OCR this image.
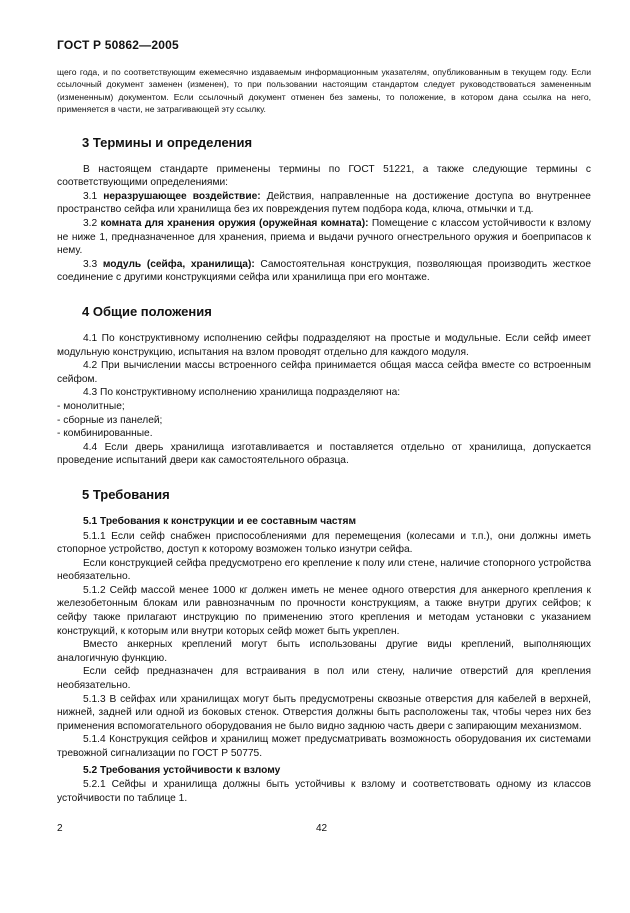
ГОСТ Р 50862—2005

щего года, и по соответствующим ежемесячно издаваемым информационным указателям, опубликованным в текущем году. Если ссылочный документ заменен (изменен), то при пользовании настоящим стандартом следует руководствоваться замененным (измененным) документом. Если ссылочный документ отменен без замены, то положение, в котором дана ссылка на него, применяется в части, не затрагивающей эту ссылку.

3 Термины и определения

В настоящем стандарте применены термины по ГОСТ 51221, а также следующие термины с соответствующими определениями:

3.1 неразрушающее воздействие: Действия, направленные на достижение доступа во внутреннее пространство сейфа или хранилища без их повреждения путем подбора кода, ключа, отмычки и т.д.

3.2 комната для хранения оружия (оружейная комната): Помещение с классом устойчивости к взлому не ниже 1, предназначенное для хранения, приема и выдачи ручного огнестрельного оружия и боеприпасов к нему.

3.3 модуль (сейфа, хранилища): Самостоятельная конструкция, позволяющая производить жесткое соединение с другими конструкциями сейфа или хранилища при его монтаже.

4 Общие положения

4.1 По конструктивному исполнению сейфы подразделяют на простые и модульные. Если сейф имеет модульную конструкцию, испытания на взлом проводят отдельно для каждого модуля.

4.2 При вычислении массы встроенного сейфа принимается общая масса сейфа вместе со встроенным сейфом.

4.3 По конструктивному исполнению хранилища подразделяют на:

- монолитные;

- сборные из панелей;

- комбинированные.

4.4 Если дверь хранилища изготавливается и поставляется отдельно от хранилища, допускается проведение испытаний двери как самостоятельного образца.

5 Требования
5.1 Требования к конструкции и ее составным частям

5.1.1 Если сейф снабжен приспособлениями для перемещения (колесами и т.п.), они должны иметь стопорное устройство, доступ к которому возможен только изнутри сейфа.

Если конструкцией сейфа предусмотрено его крепление к полу или стене, наличие стопорного устройства необязательно.

5.1.2 Сейф массой менее 1000 кг должен иметь не менее одного отверстия для анкерного крепления к железобетонным блокам или равнозначным по прочности конструкциям, а также внутри других сейфов; к сейфу также прилагают инструкцию по применению этого крепления и методам установки с указанием конструкций, к которым или внутри которых сейф может быть укреплен.

Вместо анкерных креплений могут быть использованы другие виды креплений, выполняющих аналогичную функцию.

Если сейф предназначен для встраивания в пол или стену, наличие отверстий для крепления необязательно.

5.1.3 В сейфах или хранилищах могут быть предусмотрены сквозные отверстия для кабелей в верхней, нижней, задней или одной из боковых стенок. Отверстия должны быть расположены так, чтобы через них без применения вспомогательного оборудования не было видно заднюю часть двери с запирающим механизмом.

5.1.4 Конструкция сейфов и хранилищ может предусматривать возможность оборудования их системами тревожной сигнализации по ГОСТ Р 50775.

5.2 Требования устойчивости к взлому

5.2.1 Сейфы и хранилища должны быть устойчивы к взлому и соответствовать одному из классов устойчивости по таблице 1.

2	42
